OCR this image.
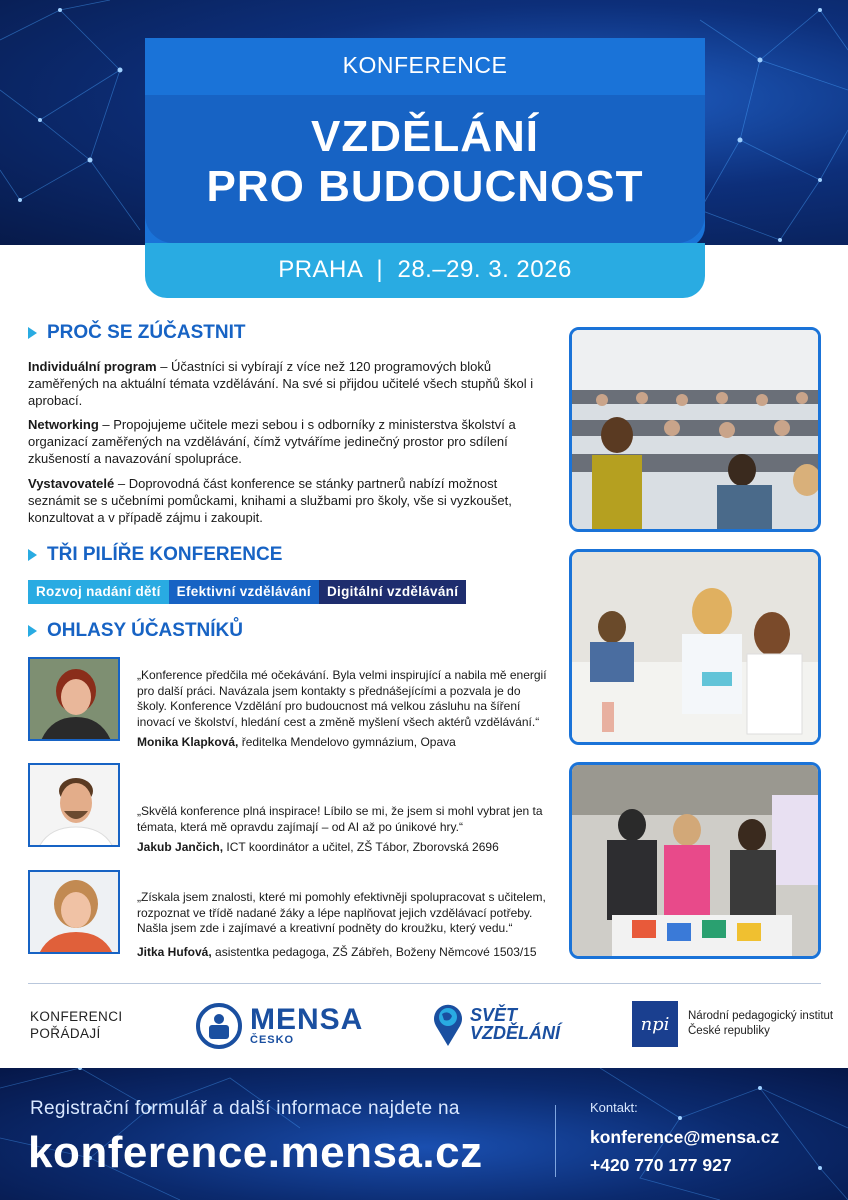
KONFERENCE
VZDĚLÁNÍ
PRO BUDOUCNOST
PRAHA  |  28.–29. 3. 2026
PROČ SE ZÚČASTNIT
Individuální program – Účastníci si vybírají z více než 120 programových bloků zaměřených na aktuální témata vzdělávání. Na své si přijdou učitelé všech stupňů škol i aprobací.
Networking – Propojujeme učitele mezi sebou i s odborníky z ministerstva školství a organizací zaměřených na vzdělávání, čímž vytváříme jedinečný prostor pro sdílení zkušeností a navazování spolupráce.
Vystavovatelé – Doprovodná část konference se stánky partnerů nabízí možnost seznámit se s učebními pomůckami, knihami a službami pro školy, vše si vyzkoušet, konzultovat a v případě zájmu i zakoupit.
TŘI PILÍŘE KONFERENCE
Rozvoj nadání dětí	Efektivní vzdělávání	Digitální vzdělávání
OHLASY ÚČASTNÍKŮ
„Konference předčila mé očekávání. Byla velmi inspirující a nabila mě energií pro další práci. Navázala jsem kontakty s přednášejícími a pozvala je do školy. Konference Vzdělání pro budoucnost má velkou zásluhu na šíření inovací ve školství, hledání cest a změně myšlení všech aktérů vzdělávání.“
Monika Klapková, ředitelka Mendelovo gymnázium, Opava
„Skvělá konference plná inspirace! Líbilo se mi, že jsem si mohl vybrat jen ta témata, která mě opravdu zajímají – od AI až po únikové hry.“
Jakub Jančich, ICT koordinátor a učitel, ZŠ Tábor, Zborovská 2696
„Získala jsem znalosti, které mi pomohly efektivněji spolupracovat s učitelem, rozpoznat ve třídě nadané žáky a lépe naplňovat jejich vzdělávací potřeby. Našla jsem zde i zajímavé a kreativní podněty do kroužku, který vedu.“
Jitka Hufová, asistentka pedagoga, ZŠ Zábřeh, Boženy Němcové 1503/15
KONFERENCI
POŘÁDAJÍ	MENSA
ČESKO
SVĚT
VZDĚLÁNÍ	npi	Národní pedagogický institut
České republiky
Registrační formulář a další informace najdete na
konference.mensa.cz
Kontakt:
konference@mensa.cz
+420 770 177 927
